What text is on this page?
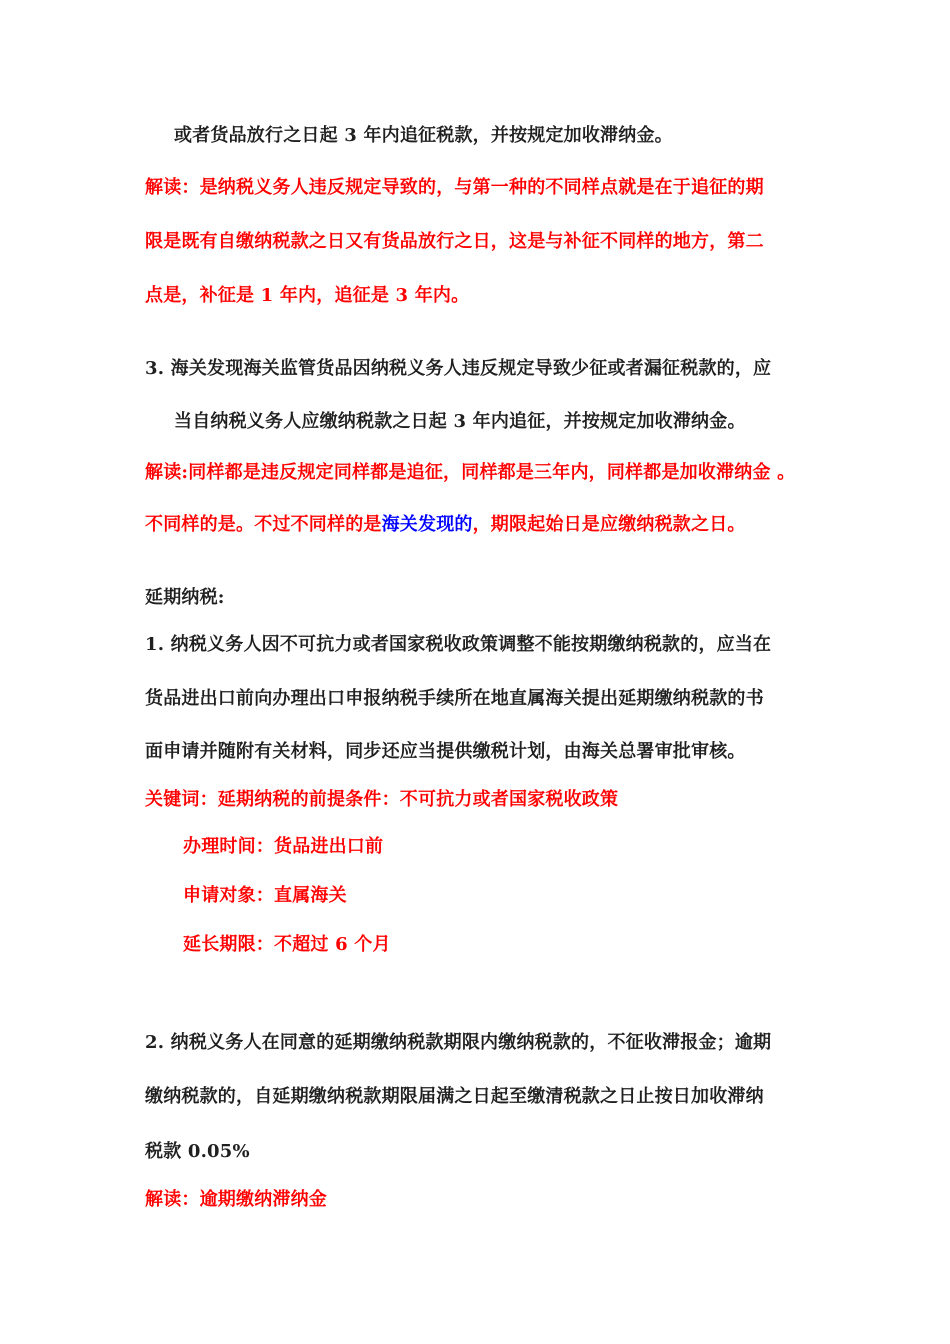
或者货品放行之日起 3 年内追征税款，并按规定加收滞纳金。
解读：是纳税义务人违反规定导致的，与第一种的不同样点就是在于追征的期
限是既有自缴纳税款之日又有货品放行之日，这是与补征不同样的地方，第二
点是，补征是 1 年内，追征是 3 年内。
3. 海关发现海关监管货品因纳税义务人违反规定导致少征或者漏征税款的，应
当自纳税义务人应缴纳税款之日起 3 年内追征，并按规定加收滞纳金。
解读:同样都是违反规定同样都是追征，同样都是三年内，同样都是加收滞纳金 。
不同样的是。不过不同样的是海关发现的，期限起始日是应缴纳税款之日。
延期纳税:
1. 纳税义务人因不可抗力或者国家税收政策调整不能按期缴纳税款的，应当在
货品进出口前向办理出口申报纳税手续所在地直属海关提出延期缴纳税款的书
面申请并随附有关材料，同步还应当提供缴税计划，由海关总署审批审核。
关键词：延期纳税的前提条件：不可抗力或者国家税收政策
办理时间：货品进出口前
申请对象：直属海关
延长期限：不超过 6 个月
2. 纳税义务人在同意的延期缴纳税款期限内缴纳税款的，不征收滞报金；逾期
缴纳税款的，自延期缴纳税款期限届满之日起至缴清税款之日止按日加收滞纳
税款 0.05%
解读：逾期缴纳滞纳金
